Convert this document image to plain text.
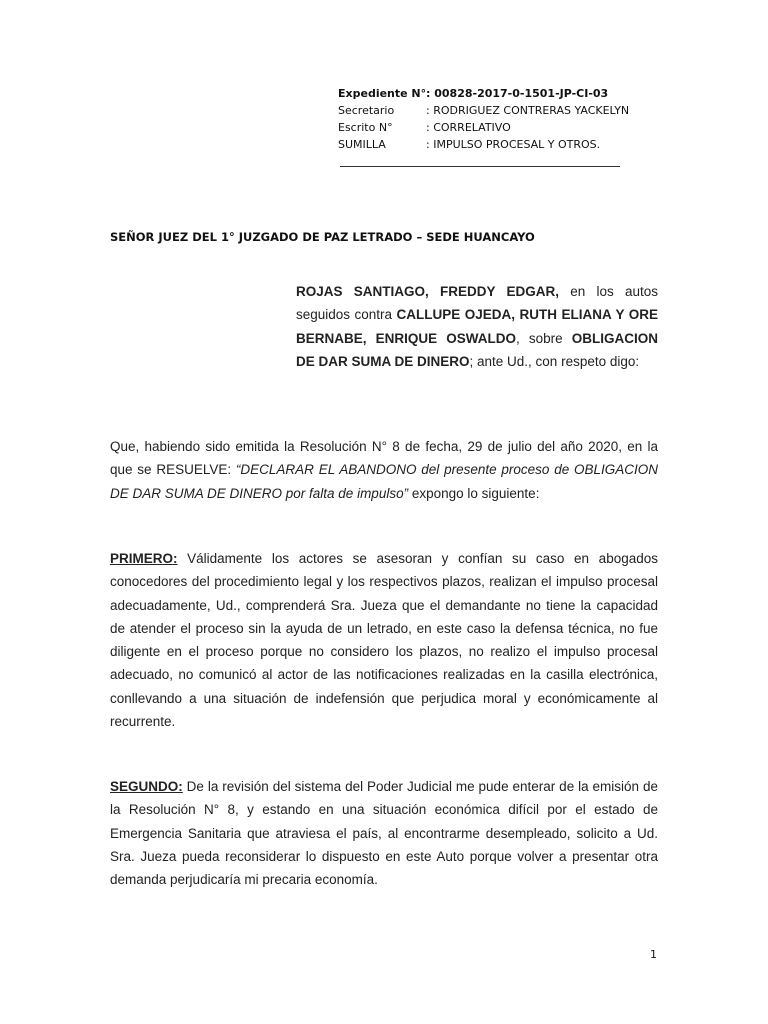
Expediente N°: 00828-2017-0-1501-JP-CI-03
Secretario	: RODRIGUEZ CONTRERAS YACKELYN
Escrito N°	: CORRELATIVO
SUMILLA	: IMPULSO PROCESAL Y OTROS.
SEÑOR JUEZ DEL 1° JUZGADO DE PAZ LETRADO – SEDE HUANCAYO
ROJAS SANTIAGO, FREDDY EDGAR, en los autos seguidos contra CALLUPE OJEDA, RUTH ELIANA Y ORE BERNABE, ENRIQUE OSWALDO, sobre OBLIGACION DE DAR SUMA DE DINERO; ante Ud., con respeto digo:
Que, habiendo sido emitida la Resolución N° 8 de fecha, 29 de julio del año 2020, en la que se RESUELVE: “DECLARAR EL ABANDONO del presente proceso de OBLIGACION DE DAR SUMA DE DINERO por falta de impulso” expongo lo siguiente:
PRIMERO: Válidamente los actores se asesoran y confían su caso en abogados conocedores del procedimiento legal y los respectivos plazos, realizan el impulso procesal adecuadamente, Ud., comprenderá Sra. Jueza que el demandante no tiene la capacidad de atender el proceso sin la ayuda de un letrado, en este caso la defensa técnica, no fue diligente en el proceso porque no considero los plazos, no realizo el impulso procesal adecuado, no comunicó al actor de las notificaciones realizadas en la casilla electrónica, conllevando a una situación de indefensión que perjudica moral y económicamente al recurrente.
SEGUNDO: De la revisión del sistema del Poder Judicial me pude enterar de la emisión de la Resolución N° 8, y estando en una situación económica difícil por el estado de Emergencia Sanitaria que atraviesa el país, al encontrarme desempleado, solicito a Ud. Sra. Jueza pueda reconsiderar lo dispuesto en este Auto porque volver a presentar otra demanda perjudicaría mi precaria economía.
1
